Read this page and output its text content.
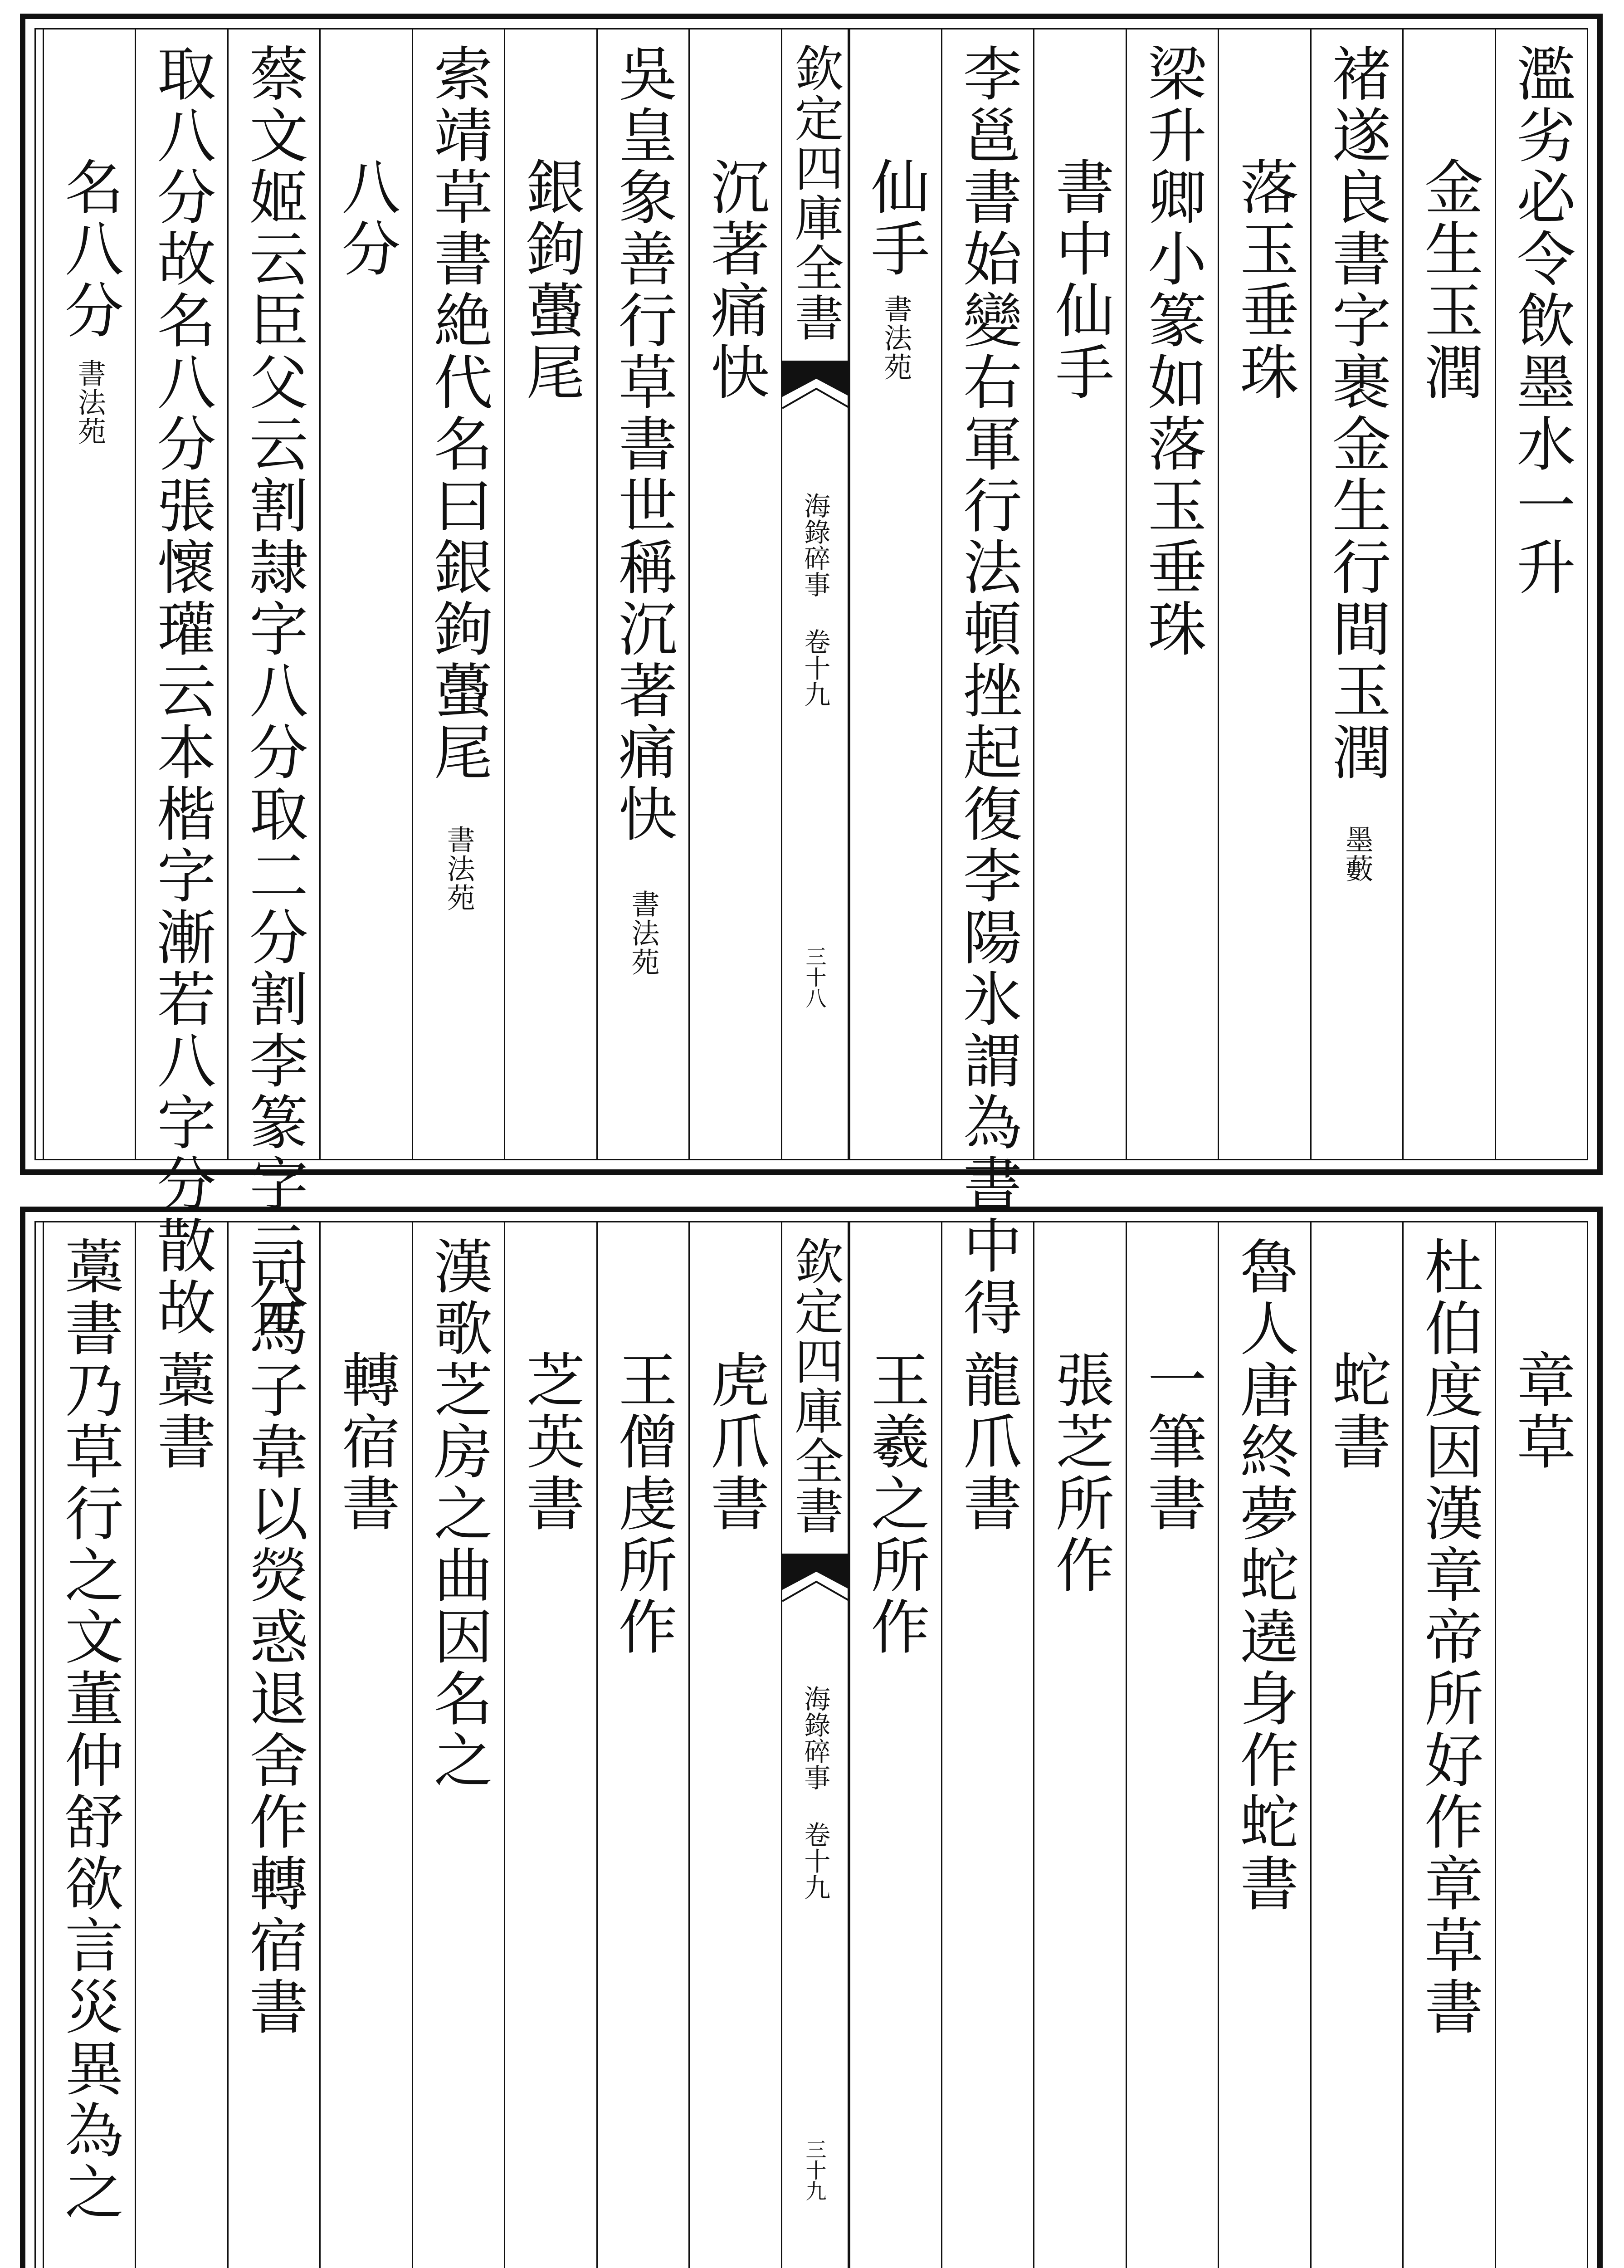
濫劣必令飲墨水一升
金生玉潤
褚遂良書字裹金生行間玉潤
墨藪
落玉垂珠
梁升卿小篆如落玉垂珠
書中仙手
李邕書始變右軍行法頓挫起復李陽氷謂為書中得
仙手
書法苑
沉著痛快
吳皇象善行草書世稱沉著痛快
書法苑
銀鉤蠆尾
索靖草書絶代名曰銀鉤蠆尾
書法苑
八分
蔡文姬云臣父云割隷字八分取二分割李篆字二分
取八分故名八分張懷瓘云本楷字漸若八字分散故
名八分
書法苑
欽定四庫全書
海錄碎事 卷十九
三十八
章草
杜伯度因漢章帝所好作章草書
蛇書
魯人唐終夢蛇遶身作蛇書
一筆書
張芝所作
龍爪書
王羲之所作
虎爪書
王僧虔所作
芝英書
漢歌芝房之曲因名之
轉宿書
司馬子韋以熒惑退舍作轉宿書
藁書
藁書乃草行之文董仲舒欲言災異為之	欽定四庫全書
海錄碎事 卷十九
三十九
